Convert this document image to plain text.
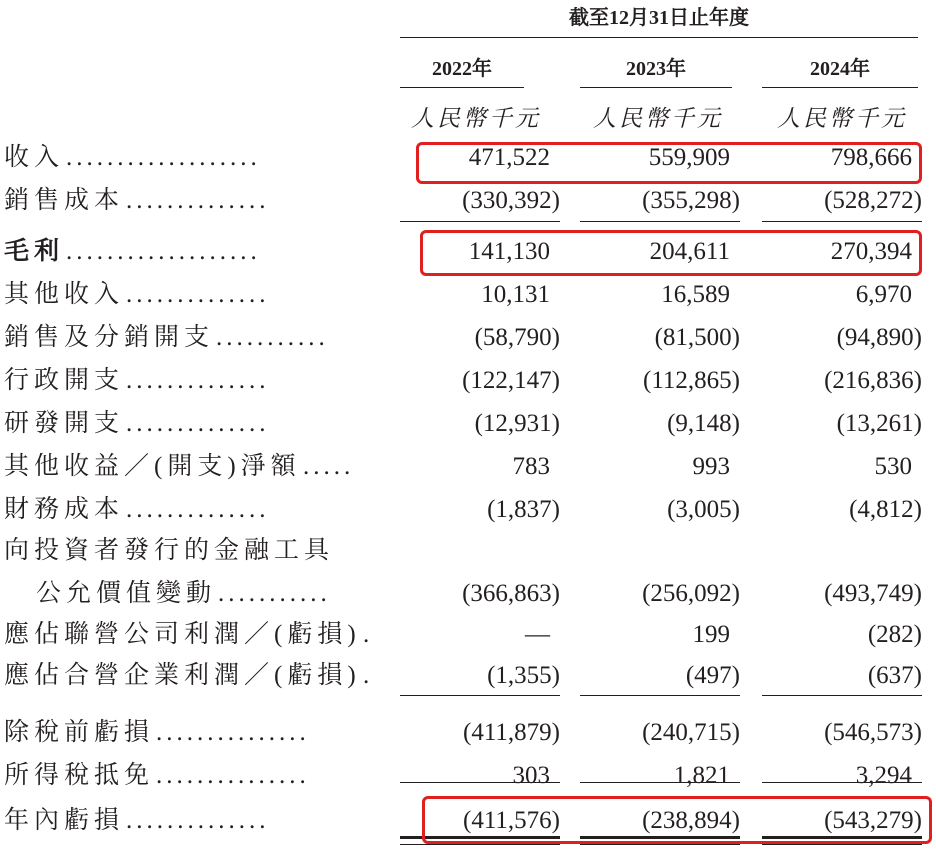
截至12月31日止年度
2022年	2023年	2024年
人民幣千元 人民幣千元 人民幣千元
收入 ...................	471,522	559,909	798,666
銷售成本 ..............	(330,392)	(355,298)	(528,272)
毛利 ...................	141,130	204,611	270,394
其他收入 ..............	10,131	16,589	6,970
銷售及分銷開支 ...........	(58,790)	(81,500)	(94,890)
行政開支 ..............	(122,147)	(112,865)	(216,836)
研發開支 ..............	(12,931)	(9,148)	(13,261)
其他收益／(開支)淨額 .....	783	993	530
財務成本 ..............	(1,837)	(3,005)	(4,812)
向投資者發行的金融工具
公允價值變動 ...........	(366,863)	(256,092)	(493,749)
應佔聯營公司利潤／(虧損) .	—	199	(282)
應佔合營企業利潤／(虧損) .	(1,355)	(497)	(637)
除稅前虧損 ...............	(411,879)	(240,715)	(546,573)
所得稅抵免 ...............	303	1,821	3,294
年內虧損 ..............	(411,576)	(238,894)	(543,279)
